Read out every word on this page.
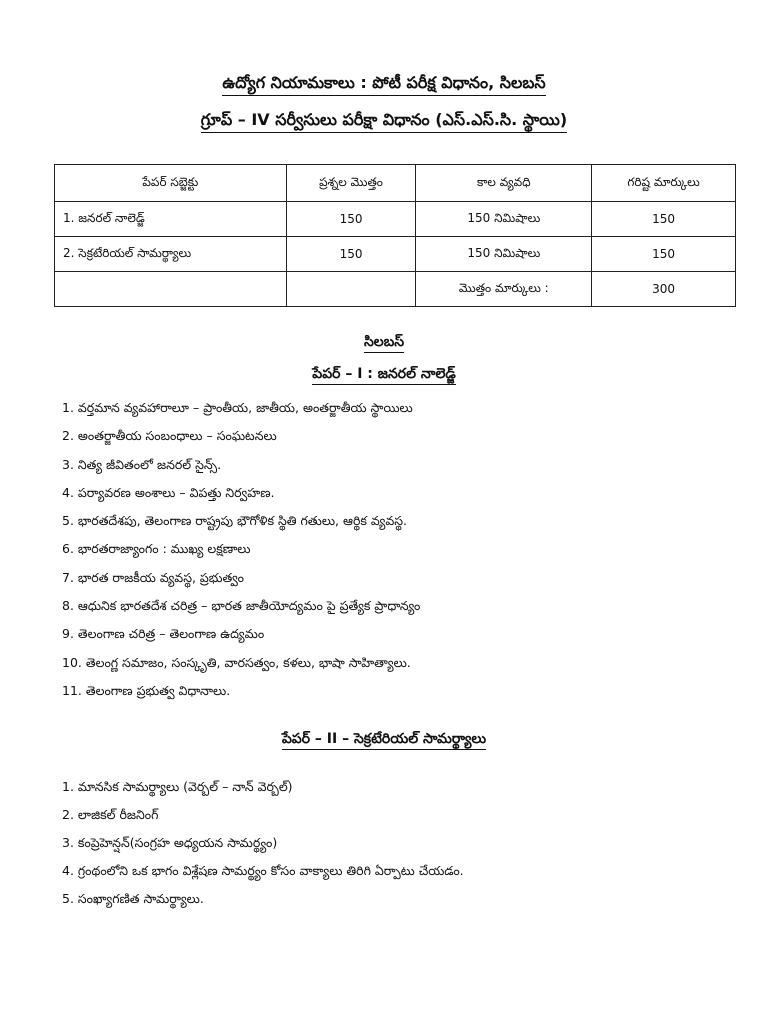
ఉద్యోగ నియామకాలు : పోటీ పరీక్ష విధానం, సిలబస్
గ్రూప్ – IV సర్వీసులు పరీక్షా విధానం (ఎస్.ఎస్.సి. స్థాయి)
పేపర్ సబ్జెక్టు	ప్రశ్నల మొత్తం	కాల వ్యవధి	గరిష్ట మార్కులు
1. జనరల్ నాలెడ్జ్	150	150 నిమిషాలు	150
2. సెక్రటేరియల్ సామర్థ్యాలు	150	150 నిమిషాలు	150
		మొత్తం మార్కులు :	300
సిలబస్
పేపర్ – I : జనరల్ నాలెడ్జ్
1. వర్తమాన వ్యవహారాలూ – ప్రాంతీయ, జాతీయ, అంతర్జాతీయ స్థాయిలు
2. అంతర్జాతీయ సంబంధాలు – సంఘటనలు
3. నిత్య జీవితంలో జనరల్ సైన్స్.
4. పర్యావరణ అంశాలు – విపత్తు నిర్వహణ.
5. భారతదేశపు, తెలంగాణ రాష్ట్రపు భౌగోళిక స్థితి గతులు, ఆర్థిక వ్యవస్థ.
6. భారతరాజ్యాంగం : ముఖ్య లక్షణాలు
7. భారత రాజకీయ వ్యవస్థ, ప్రభుత్వం
8. ఆధునిక భారతదేశ చరిత్ర – భారత జాతీయోద్యమం పై ప్రత్యేక ప్రాధాన్యం
9. తెలంగాణ చరిత్ర – తెలంగాణ ఉద్యమం
10. తెలంగ్ణ సమాజం, సంస్కృతి, వారసత్వం, కళలు, భాషా సాహిత్యాలు.
11. తెలంగాణ ప్రభుత్వ విధానాలు.
పేపర్ – II – సెక్రటేరియల్ సామర్థ్యాలు
1. మానసిక సామర్థ్యాలు (వెర్బల్ – నాన్ వెర్బల్)
2. లాజికల్ రీజనింగ్
3. కంప్రెహెన్షన్(సంగ్రహ అధ్యయన సామర్థ్యం)
4. గ్రంథంలోని ఒక భాగం విశ్లేషణ సామర్థ్యం కోసం వాక్యాలు తిరిగి ఏర్పాటు చేయడం.
5. సంఖ్యాగణిత సామర్థ్యాలు.
